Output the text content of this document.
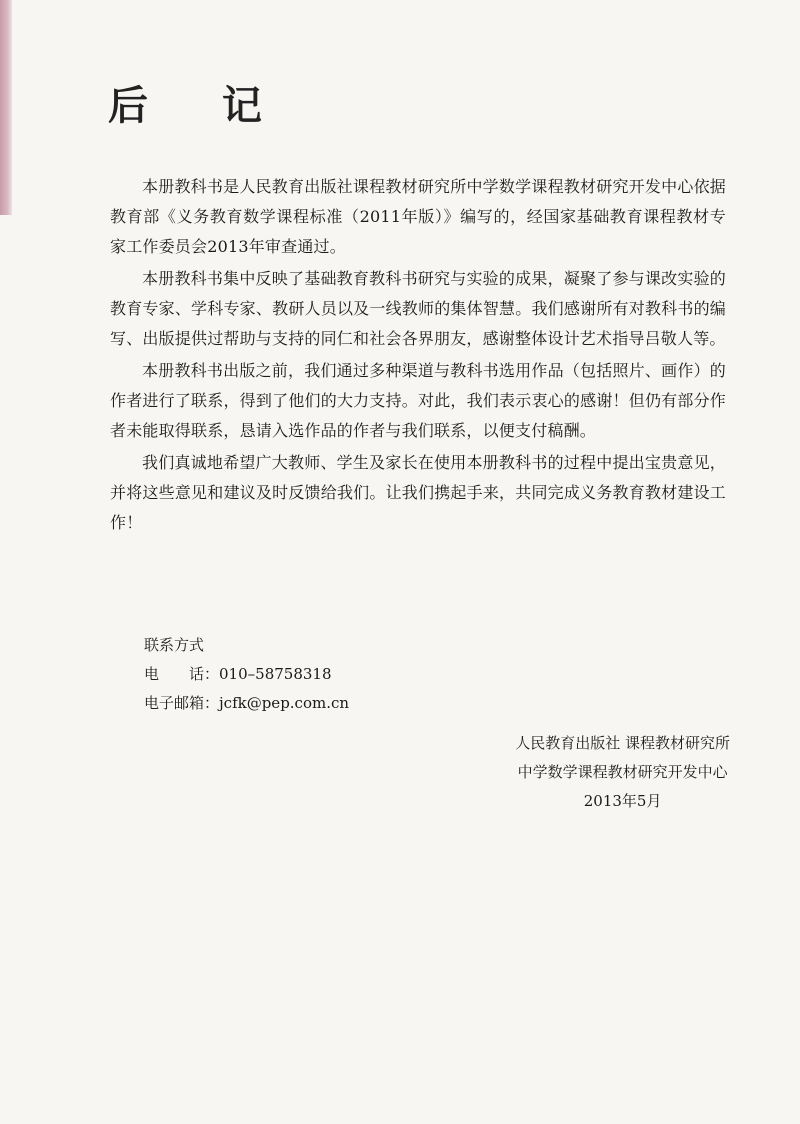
后 记

本册教科书是人民教育出版社课程教材研究所中学数学课程教材研究开发中心依据教育部《义务教育数学课程标准（2011年版）》编写的，经国家基础教育课程教材专家工作委员会2013年审查通过。

本册教科书集中反映了基础教育教科书研究与实验的成果，凝聚了参与课改实验的教育专家、学科专家、教研人员以及一线教师的集体智慧。我们感谢所有对教科书的编写、出版提供过帮助与支持的同仁和社会各界朋友，感谢整体设计艺术指导吕敬人等。

本册教科书出版之前，我们通过多种渠道与教科书选用作品（包括照片、画作）的作者进行了联系，得到了他们的大力支持。对此，我们表示衷心的感谢！但仍有部分作者未能取得联系，恳请入选作品的作者与我们联系，以便支付稿酬。

我们真诚地希望广大教师、学生及家长在使用本册教科书的过程中提出宝贵意见，并将这些意见和建议及时反馈给我们。让我们携起手来，共同完成义务教育教材建设工作！

联系方式
电　　话：010–58758318
电子邮箱：jcfk@pep.com.cn
人民教育出版社 课程教材研究所
中学数学课程教材研究开发中心
2013年5月
